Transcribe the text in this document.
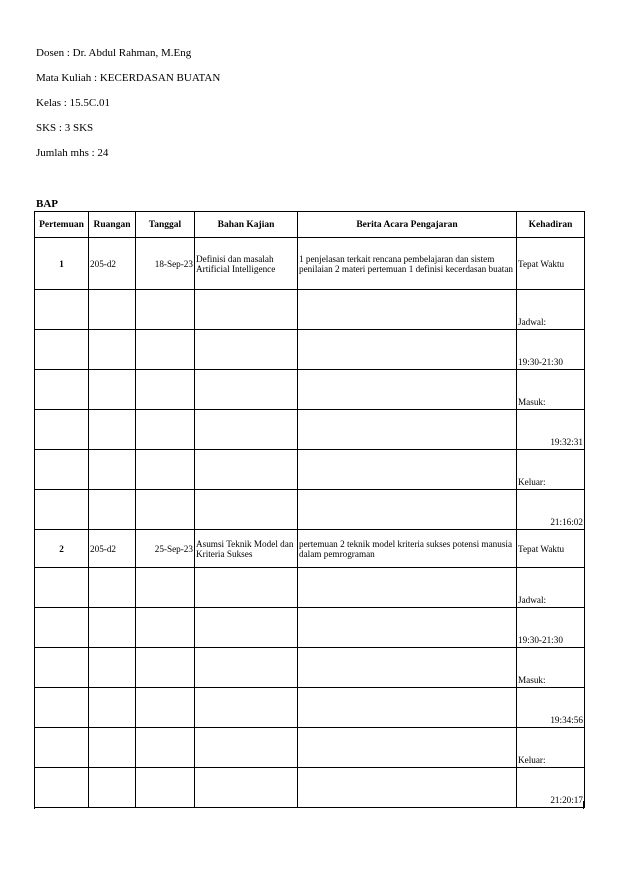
Dosen : Dr. Abdul Rahman, M.Eng
Mata Kuliah : KECERDASAN BUATAN
Kelas : 15.5C.01
SKS : 3 SKS
Jumlah mhs : 24
BAP
Pertemuan	Ruangan	Tanggal	Bahan Kajian	Berita Acara Pengajaran	Kehadiran
1	205-d2	18-Sep-23	Definisi dan masalah Artificial Intelligence	1 penjelasan terkait rencana pembelajaran dan sistem penilaian 2 materi pertemuan 1 definisi kecerdasan buatan	Tepat Waktu
					Jadwal:
					19:30-21:30
					Masuk:
					19:32:31
					Keluar:
					21:16:02
2	205-d2	25-Sep-23	Asumsi Teknik Model dan Kriteria Sukses	pertemuan 2 teknik model kriteria sukses potensi manusia dalam pemrograman	Tepat Waktu
					Jadwal:
					19:30-21:30
					Masuk:
					19:34:56
					Keluar:
					21:20:17
